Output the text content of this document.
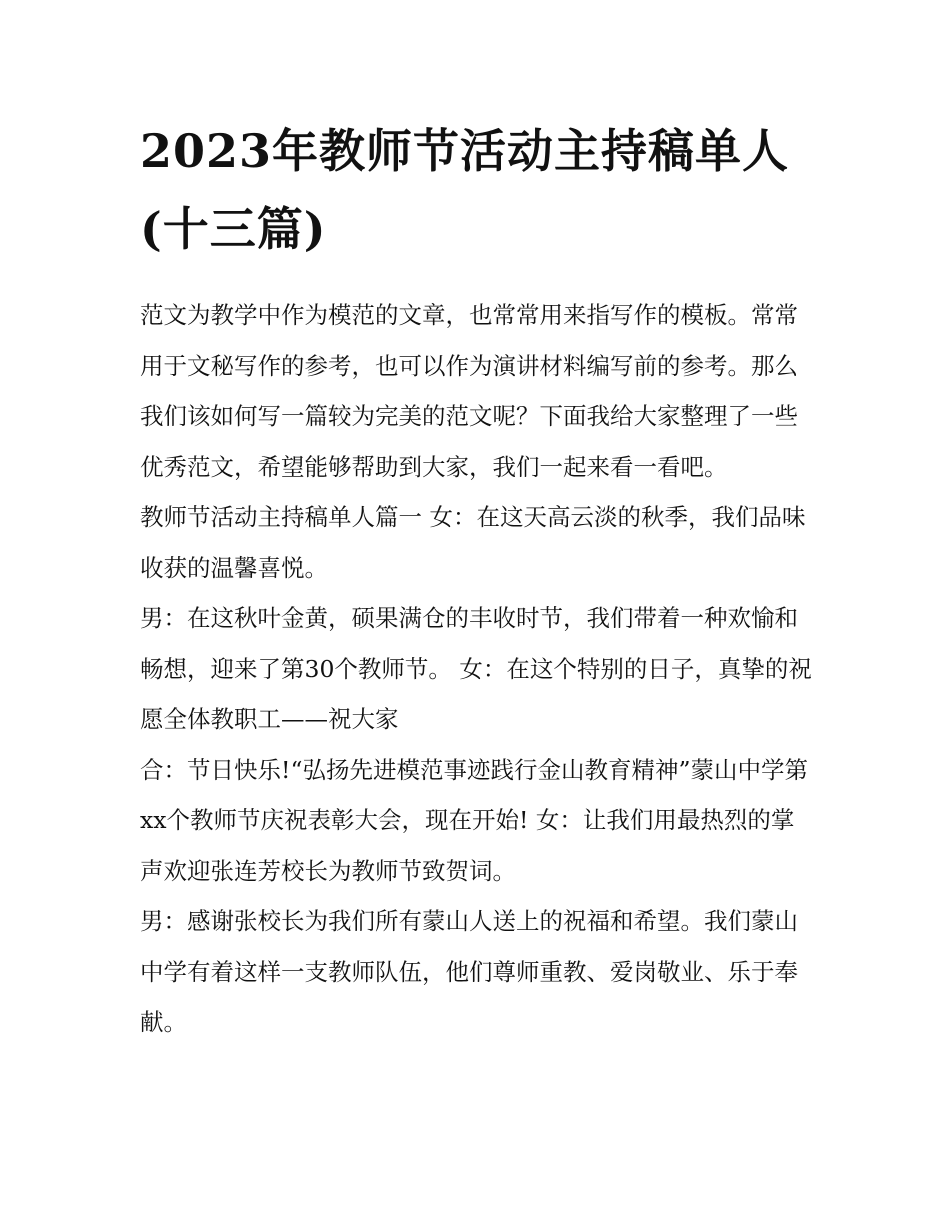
2023年教师节活动主持稿单人(十三篇)

范文为教学中作为模范的文章，也常常用来指写作的模板。常常用于文秘写作的参考，也可以作为演讲材料编写前的参考。那么我们该如何写一篇较为完美的范文呢？下面我给大家整理了一些优秀范文，希望能够帮助到大家，我们一起来看一看吧。

教师节活动主持稿单人篇一 女：在这天高云淡的秋季，我们品味收获的温馨喜悦。

男：在这秋叶金黄，硕果满仓的丰收时节，我们带着一种欢愉和畅想，迎来了第30个教师节。 女：在这个特别的日子，真挚的祝愿全体教职工——祝大家

合：节日快乐!“弘扬先进模范事迹践行金山教育精神”蒙山中学第xx个教师节庆祝表彰大会，现在开始! 女：让我们用最热烈的掌声欢迎张连芳校长为教师节致贺词。

男：感谢张校长为我们所有蒙山人送上的祝福和希望。我们蒙山中学有着这样一支教师队伍，他们尊师重教、爱岗敬业、乐于奉献。
